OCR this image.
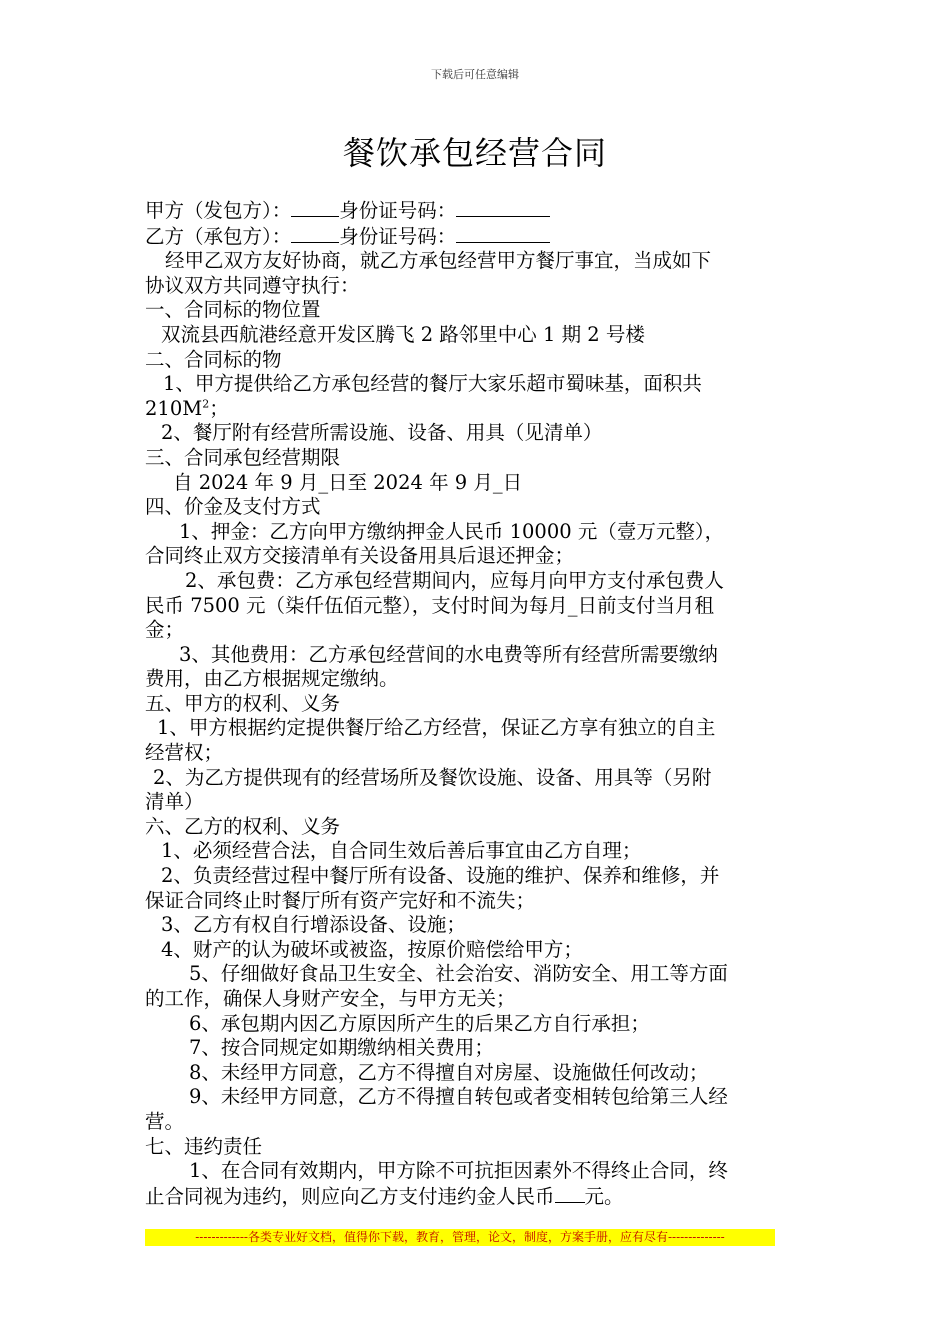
下载后可任意编辑
餐饮承包经营合同
甲方（发包方）： 身份证号码：
乙方（承包方）： 身份证号码：
经甲乙双方友好协商，就乙方承包经营甲方餐厅事宜，当成如下
协议双方共同遵守执行：
一、合同标的物位置
双流县西航港经意开发区腾飞 2 路邻里中心 1 期 2 号楼
二、合同标的物
1、甲方提供给乙方承包经营的餐厅大家乐超市蜀味基，面积共
$210M^2$；
2、餐厅附有经营所需设施、设备、用具（见清单）
三、合同承包经营期限
自 2024 年 9 月_日至 2024 年 9 月_日
四、价金及支付方式
1、押金：乙方向甲方缴纳押金人民币 10000 元（壹万元整），
合同终止双方交接清单有关设备用具后退还押金；
2、承包费：乙方承包经营期间内，应每月向甲方支付承包费人
民币 7500 元（柒仟伍佰元整），支付时间为每月_日前支付当月租
金；
3、其他费用：乙方承包经营间的水电费等所有经营所需要缴纳
费用，由乙方根据规定缴纳。
五、甲方的权利、义务
1、甲方根据约定提供餐厅给乙方经营，保证乙方享有独立的自主
经营权；
2、为乙方提供现有的经营场所及餐饮设施、设备、用具等（另附
清单）
六、乙方的权利、义务
1、必须经营合法，自合同生效后善后事宜由乙方自理；
2、负责经营过程中餐厅所有设备、设施的维护、保养和维修，并
保证合同终止时餐厅所有资产完好和不流失；
3、乙方有权自行增添设备、设施；
4、财产的认为破坏或被盗，按原价赔偿给甲方；
5、仔细做好食品卫生安全、社会治安、消防安全、用工等方面
的工作，确保人身财产安全，与甲方无关；
6、承包期内因乙方原因所产生的后果乙方自行承担；
7、按合同规定如期缴纳相关费用；
8、未经甲方同意，乙方不得擅自对房屋、设施做任何改动；
9、未经甲方同意，乙方不得擅自转包或者变相转包给第三人经
营。
七、违约责任
1、在合同有效期内，甲方除不可抗拒因素外不得终止合同，终
止合同视为违约，则应向乙方支付违约金人民币 元。
-------------各类专业好文档，值得你下载，教育，管理，论文，制度，方案手册，应有尽有--------------
